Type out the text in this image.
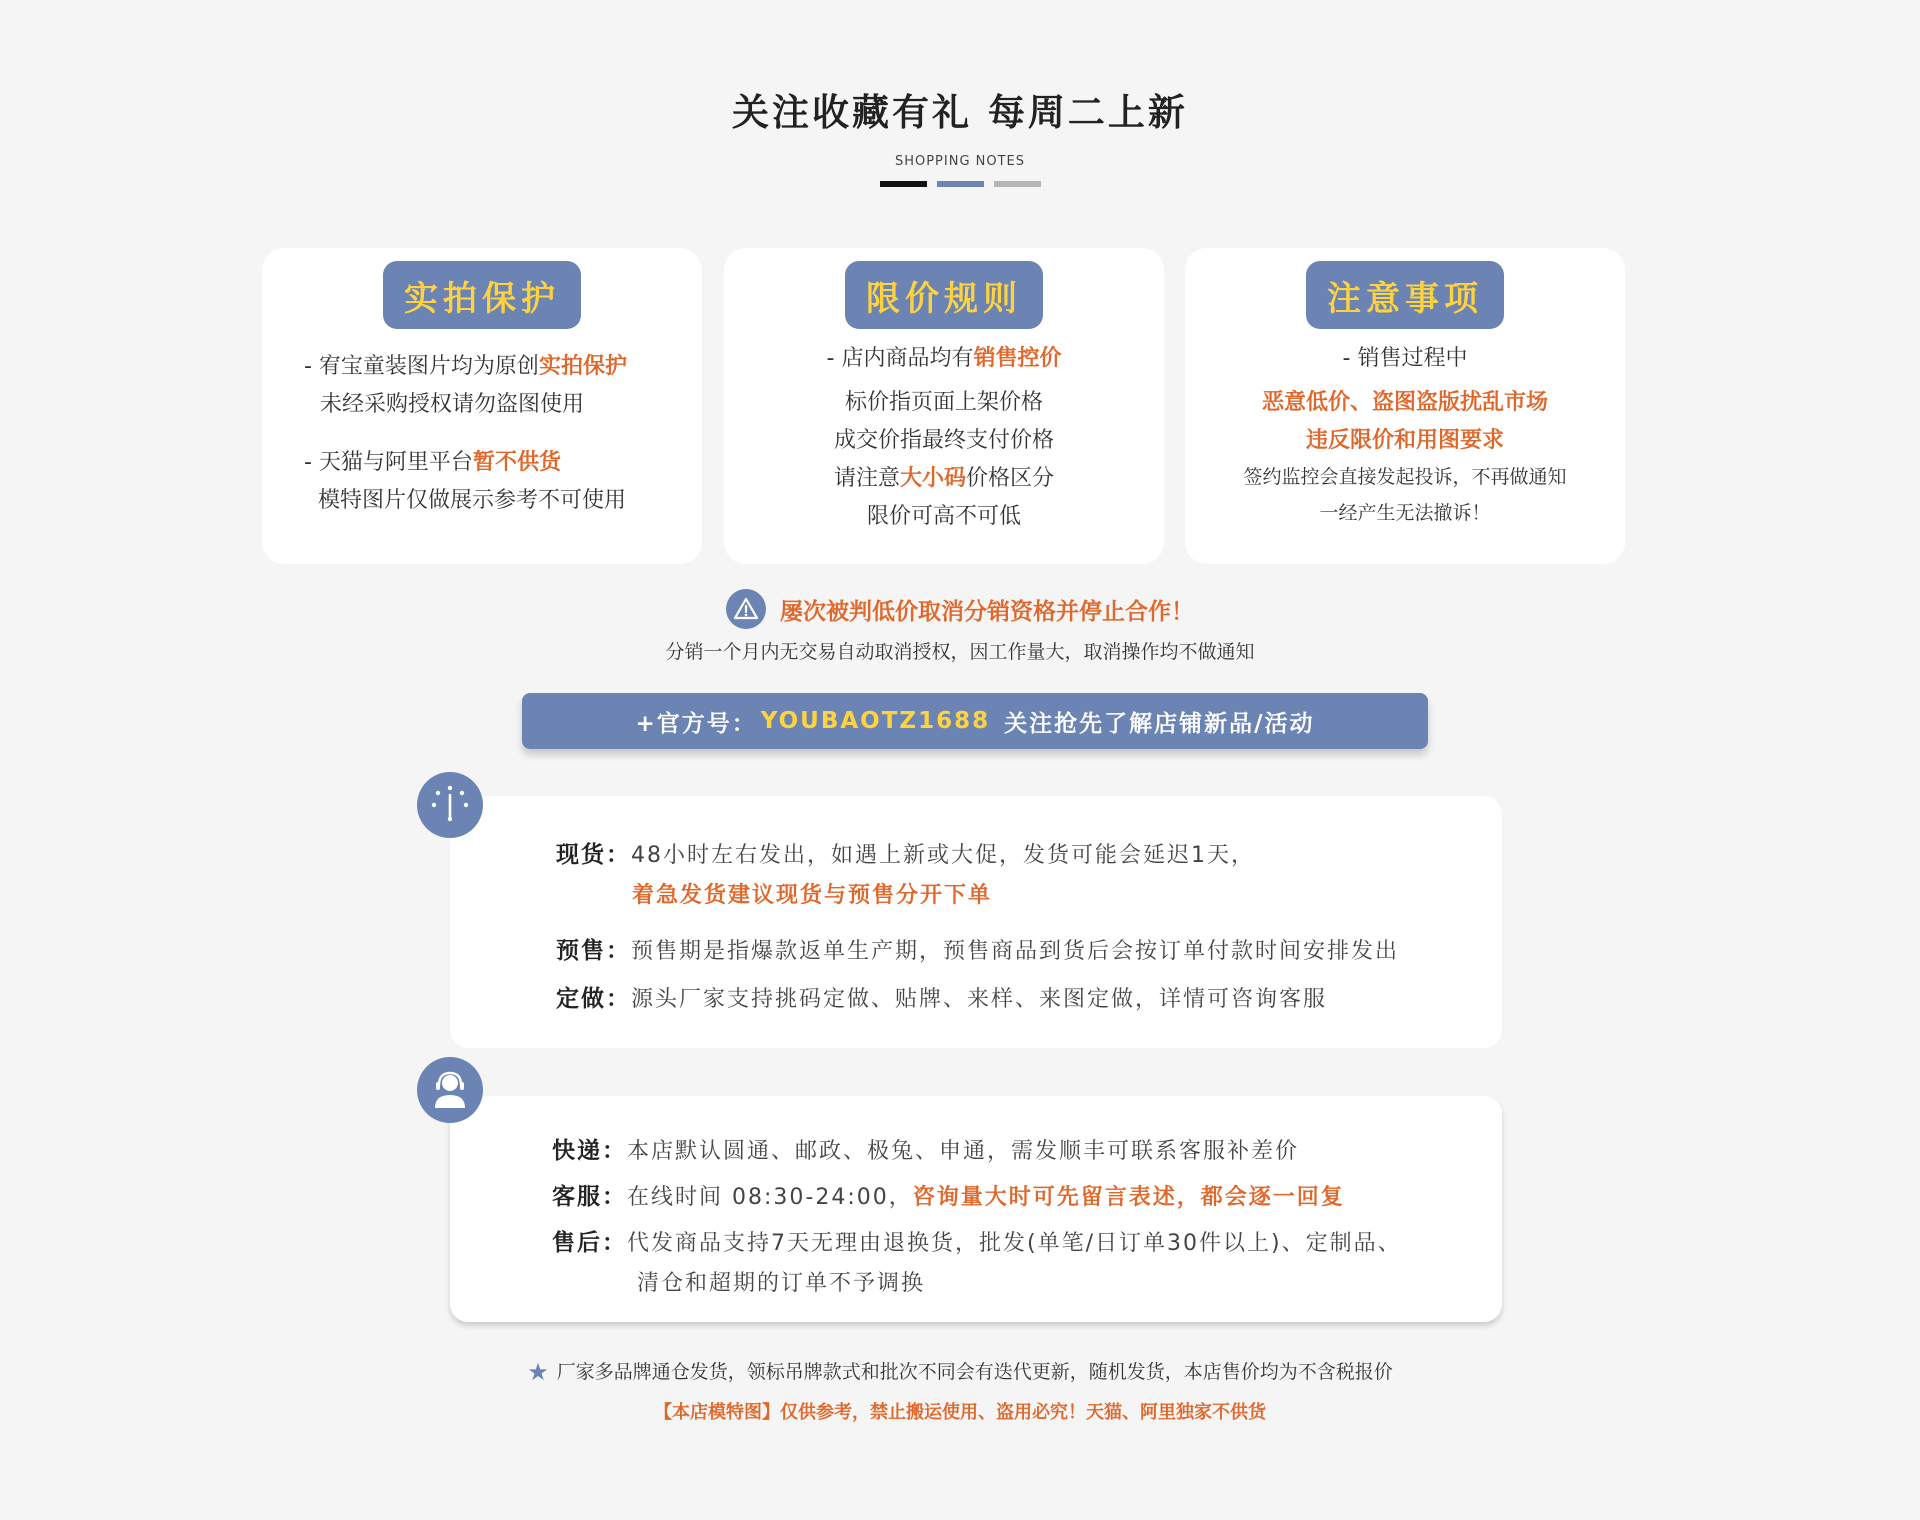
关注收藏有礼 每周二上新
SHOPPING NOTES
实拍保护
- 宥宝童装图片均为原创实拍保护
未经采购授权请勿盗图使用
- 天猫与阿里平台暂不供货
模特图片仅做展示参考不可使用
限价规则
- 店内商品均有销售控价
标价指页面上架价格
成交价指最终支付价格
请注意大小码价格区分
限价可高不可低
注意事项
- 销售过程中
恶意低价、盗图盗版扰乱市场
违反限价和用图要求
签约监控会直接发起投诉，不再做通知
一经产生无法撤诉！
屡次被判低价取消分销资格并停止合作！
分销一个月内无交易自动取消授权，因工作量大，取消操作均不做通知
+官方号： YOUBAOTZ1688 关注抢先了解店铺新品/活动
现货：48小时左右发出，如遇上新或大促，发货可能会延迟1天，
着急发货建议现货与预售分开下单
预售：预售期是指爆款返单生产期，预售商品到货后会按订单付款时间安排发出
定做：源头厂家支持挑码定做、贴牌、来样、来图定做，详情可咨询客服
快递：本店默认圆通、邮政、极兔、申通，需发顺丰可联系客服补差价
客服：在线时间 08:30-24:00，咨询量大时可先留言表述，都会逐一回复
售后：代发商品支持7天无理由退换货，批发(单笔/日订单30件以上)、定制品、
清仓和超期的订单不予调换
★ 厂家多品牌通仓发货，领标吊牌款式和批次不同会有迭代更新，随机发货，本店售价均为不含税报价
【本店模特图】仅供参考，禁止搬运使用、盗用必究！天猫、阿里独家不供货
